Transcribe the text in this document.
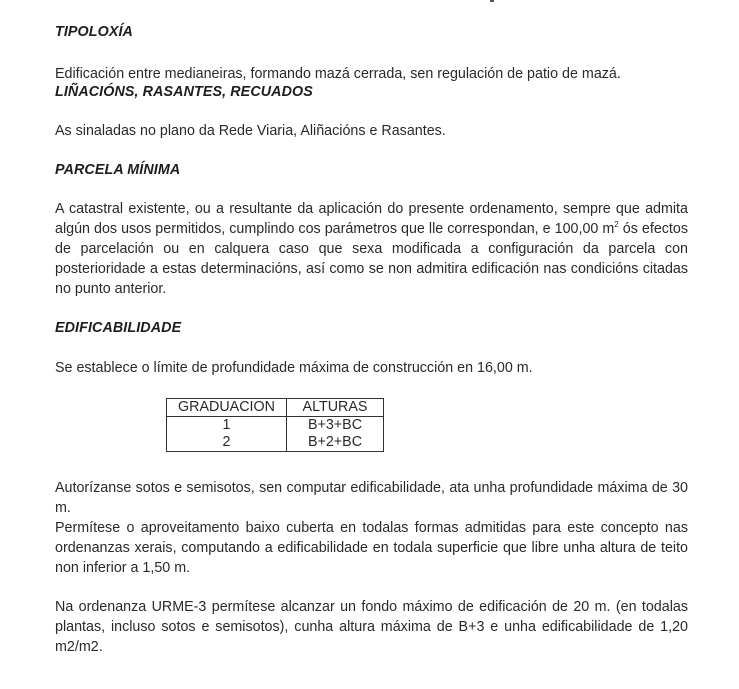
TIPOLOXÍA
Edificación entre medianeiras, formando mazá cerrada, sen regulación de patio de mazá.
LIÑACIÓNS, RASANTES, RECUADOS
As sinaladas no plano da Rede Viaria, Aliñacións e Rasantes.
PARCELA MÍNIMA
A catastral existente, ou a resultante da aplicación do presente ordenamento, sempre que admita algún dos usos permitidos, cumplindo cos parámetros que lle correspondan, e 100,00 $m^2$ ós efectos de parcelación ou en calquera caso que sexa modificada a configuración da parcela con posterioridade a estas determinacións, así como se non admitira edificación nas condicións citadas no punto anterior.
EDIFICABILIDADE
Se establece o límite de profundidade máxima de construcción en 16,00 m.
GRADUACION	ALTURAS
1	B+3+BC
2	B+2+BC
Autorízanse sotos e semisotos, sen computar edificabilidade, ata unha profundidade máxima de 30 m.
Permítese o aproveitamento baixo cuberta en todalas formas admitidas para este concepto nas ordenanzas xerais, computando a edificabilidade en todala superficie que libre unha altura de teito non inferior a 1,50 m.
Na ordenanza URME-3 permítese alcanzar un fondo máximo de edificación de 20 m. (en todalas plantas, incluso sotos e semisotos), cunha altura máxima de B+3 e unha edificabilidade de 1,20 m2/m2.
